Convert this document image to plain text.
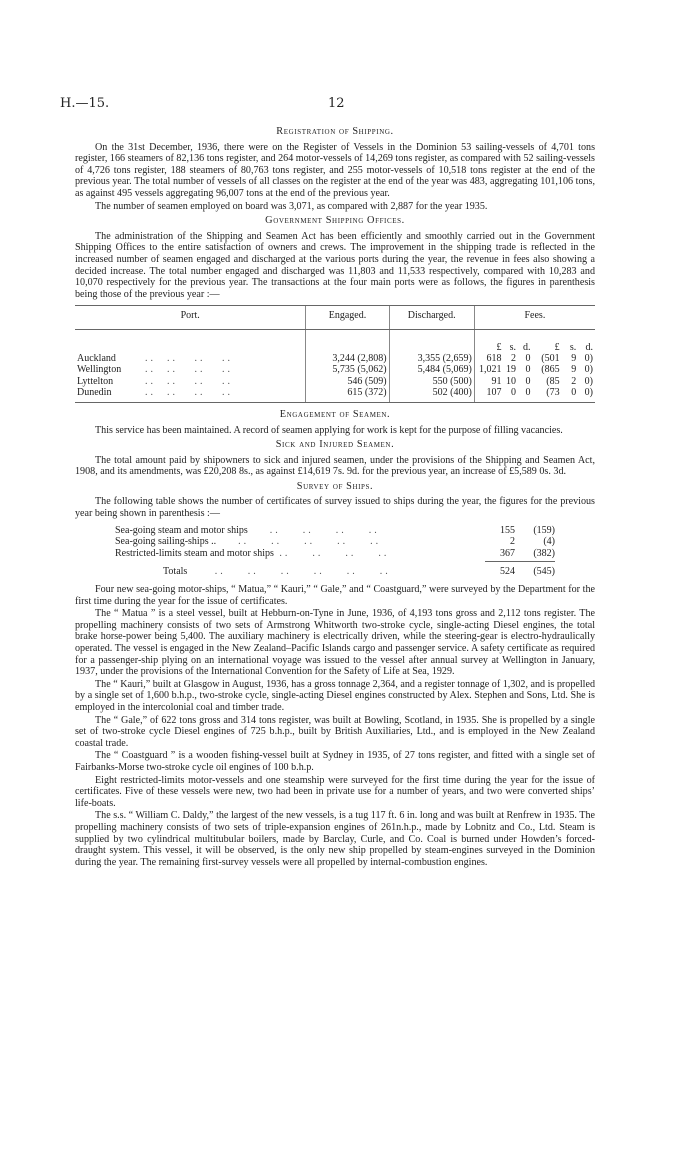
H.—15.	12
Registration of Shipping.

On the 31st December, 1936, there were on the Register of Vessels in the Dominion 53 sailing-vessels of 4,701 tons register, 166 steamers of 82,136 tons register, and 264 motor-vessels of 14,269 tons register, as compared with 52 sailing-vessels of 4,726 tons register, 188 steamers of 80,763 tons register, and 255 motor-vessels of 10,518 tons register at the end of the previous year. The total number of vessels of all classes on the register at the end of the year was 483, aggregating 101,106 tons, as against 495 vessels aggregating 96,007 tons at the end of the previous year.

The number of seamen employed on board was 3,071, as compared with 2,887 for the year 1935.

Government Shipping Offices.

The administration of the Shipping and Seamen Act has been efficiently and smoothly carried out in the Government Shipping Offices to the entire satisfaction of owners and crews. The improvement in the shipping trade is reflected in the increased number of seamen engaged and discharged at the various ports during the year, the revenue in fees also showing a decided increase. The total number engaged and discharged was 11,803 and 11,533 respectively, compared with 10,283 and 10,070 respectively for the previous year. The transactions at the four main ports were as follows, the figures in parenthesis being those of the previous year :—

Port.	Engaged.	Discharged.	Fees.					
			£	s.	d.	£	s.	d.
Auckland ..  ..   ..   ..	3,244 (2,808)	3,355 (2,659)	618	2	0	(501	9	0)
Wellington ..  ..   ..   ..	5,735 (5,062)	5,484 (5,069)	1,021	19	0	(865	9	0)
Lyttelton ..  ..   ..   ..	546 (509)	550 (500)	91	10	0	(85	2	0)
Dunedin ..  ..   ..   ..	615 (372)	502 (400)	107	0	0	(73	0	0)
Engagement of Seamen.

This service has been maintained. A record of seamen applying for work is kept for the purpose of filling vacancies.

Sick and Injured Seamen.

The total amount paid by shipowners to sick and injured seamen, under the provisions of the Shipping and Seamen Act, 1908, and its amendments, was £20,208 8s., as against £14,619 7s. 9d. for the previous year, an increase of £5,589 0s. 3d.

Survey of Ships.

The following table shows the number of certificates of survey issued to ships during the year, the figures for the previous year being shown in parenthesis :—

Sea-going steam and motor ships    ..    ..    ..    ..	155	(159)
Sea-going sailing-ships ..    ..    ..    ..    ..    ..	2	(4)
Restricted-limits steam and motor ships ..    ..    ..    ..	367	(382)
Totals     ..    ..    ..    ..    ..    ..	524	(545)

Four new sea-going motor-ships, “ Matua,” “ Kauri,” “ Gale,” and “ Coastguard,” were surveyed by the Department for the first time during the year for the issue of certificates.

The “ Matua ” is a steel vessel, built at Hebburn-on-Tyne in June, 1936, of 4,193 tons gross and 2,112 tons register. The propelling machinery consists of two sets of Armstrong Whitworth two-stroke cycle, single-acting Diesel engines, the total brake horse-power being 5,400. The auxiliary machinery is electrically driven, while the steering-gear is electro-hydraulically operated. The vessel is engaged in the New Zealand–Pacific Islands cargo and passenger service. A safety certificate as required for a passenger-ship plying on an international voyage was issued to the vessel after annual survey at Wellington in January, 1937, under the provisions of the International Convention for the Safety of Life at Sea, 1929.

The “ Kauri,” built at Glasgow in August, 1936, has a gross tonnage 2,364, and a register tonnage of 1,302, and is propelled by a single set of 1,600 b.h.p., two-stroke cycle, single-acting Diesel engines constructed by Alex. Stephen and Sons, Ltd. She is employed in the intercolonial coal and timber trade.

The “ Gale,” of 622 tons gross and 314 tons register, was built at Bowling, Scotland, in 1935. She is propelled by a single set of two-stroke cycle Diesel engines of 725 b.h.p., built by British Auxiliaries, Ltd., and is employed in the New Zealand coastal trade.

The “ Coastguard ” is a wooden fishing-vessel built at Sydney in 1935, of 27 tons register, and fitted with a single set of Fairbanks-Morse two-stroke cycle oil engines of 100 b.h.p.

Eight restricted-limits motor-vessels and one steamship were surveyed for the first time during the year for the issue of certificates. Five of these vessels were new, two had been in private use for a number of years, and two were converted ships’ life-boats.

The s.s. “ William C. Daldy,” the largest of the new vessels, is a tug 117 ft. 6 in. long and was built at Renfrew in 1935. The propelling machinery consists of two sets of triple-expansion engines of 261n.h.p., made by Lobnitz and Co., Ltd. Steam is supplied by two cylindrical multitubular boilers, made by Barclay, Curle, and Co. Coal is burned under Howden’s forced-draught system. This vessel, it will be observed, is the only new ship propelled by steam-engines surveyed in the Dominion during the year. The remaining first-survey vessels were all propelled by internal-combustion engines.
